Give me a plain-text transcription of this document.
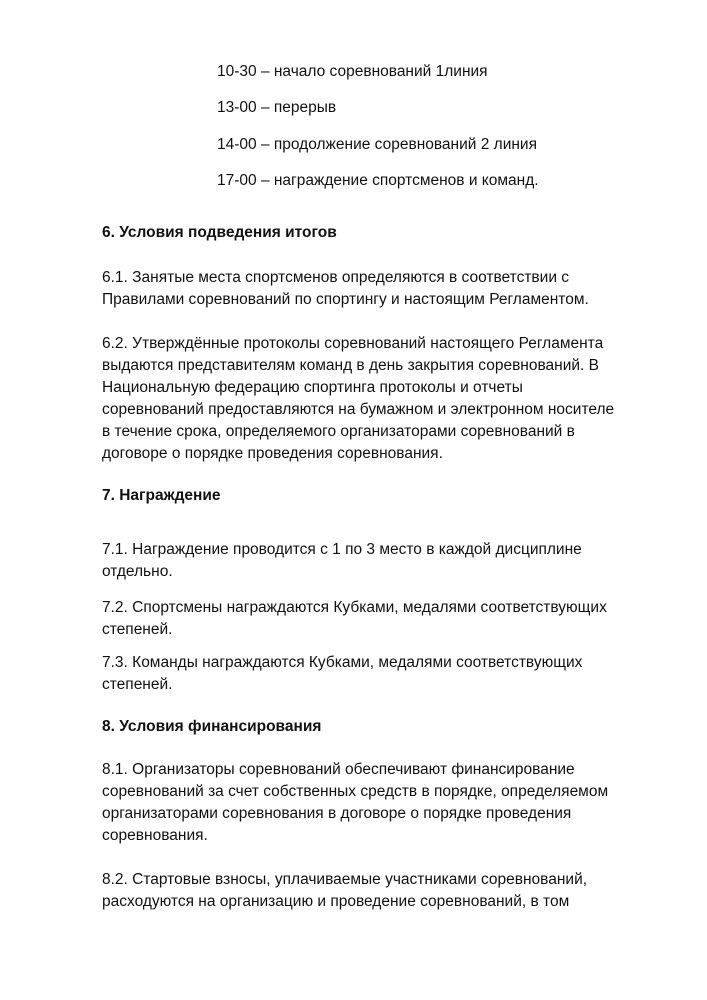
10-30 – начало соревнований 1линия
13-00 – перерыв
14-00 – продолжение соревнований 2 линия
17-00 – награждение спортсменов и команд.
6. Условия подведения итогов
6.1. Занятые места спортсменов определяются в соответствии с
Правилами соревнований по спортингу и настоящим Регламентом.
6.2. Утверждённые протоколы соревнований настоящего Регламента
выдаются представителям команд в день закрытия соревнований. В
Национальную федерацию спортинга протоколы и отчеты
соревнований предоставляются на бумажном и электронном носителе
в течение срока, определяемого организаторами соревнований в
договоре о порядке проведения соревнования.
7. Награждение
7.1. Награждение проводится с 1 по 3 место в каждой дисциплине
отдельно.
7.2. Спортсмены награждаются Кубками, медалями соответствующих
степеней.
7.3. Команды награждаются Кубками, медалями соответствующих
степеней.
8. Условия финансирования
8.1. Организаторы соревнований обеспечивают финансирование
соревнований за счет собственных средств в порядке, определяемом
организаторами соревнования в договоре о порядке проведения
соревнования.
8.2. Стартовые взносы, уплачиваемые участниками соревнований,
расходуются на организацию и проведение соревнований, в том
